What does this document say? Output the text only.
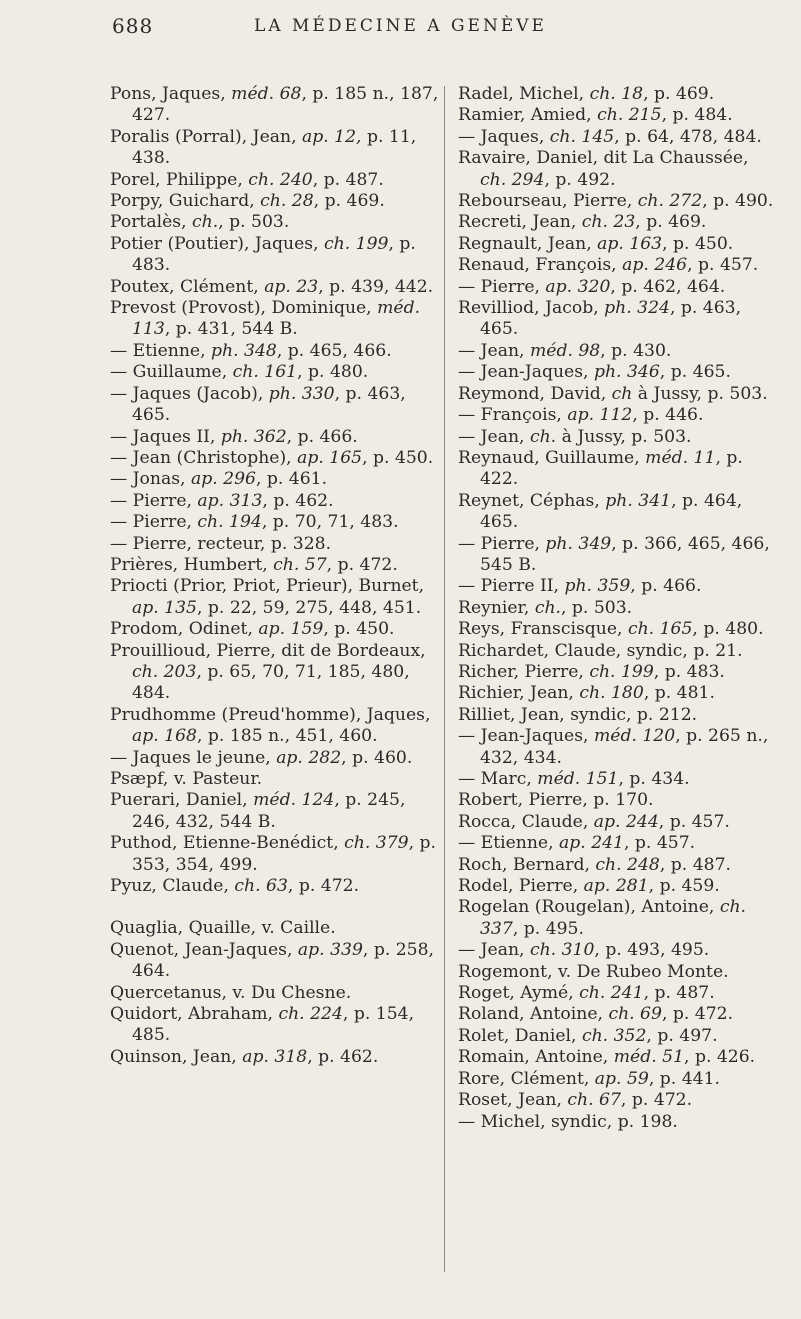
688	LA MÉDECINE A GENÈVE

Pons, Jaques, méd. 68, p. 185 n., 187, 427.

Poralis (Porral), Jean, ap. 12, p. 11, 438.

Porel, Philippe, ch. 240, p. 487.

Porpy, Guichard, ch. 28, p. 469.

Portalès, ch., p. 503.

Potier (Poutier), Jaques, ch. 199, p. 483.

Poutex, Clément, ap. 23, p. 439, 442.

Prevost (Provost), Dominique, méd. 113, p. 431, 544 B.

— Etienne, ph. 348, p. 465, 466.

— Guillaume, ch. 161, p. 480.

— Jaques (Jacob), ph. 330, p. 463, 465.

— Jaques II, ph. 362, p. 466.

— Jean (Christophe), ap. 165, p. 450.

— Jonas, ap. 296, p. 461.

— Pierre, ap. 313, p. 462.

— Pierre, ch. 194, p. 70, 71, 483.

— Pierre, recteur, p. 328.

Prières, Humbert, ch. 57, p. 472.

Priocti (Prior, Priot, Prieur), Burnet, ap. 135, p. 22, 59, 275, 448, 451.

Prodom, Odinet, ap. 159, p. 450.

Prouillioud, Pierre, dit de Bordeaux, ch. 203, p. 65, 70, 71, 185, 480, 484.

Prudhomme (Preud'homme), Jaques, ap. 168, p. 185 n., 451, 460.

— Jaques le jeune, ap. 282, p. 460.

Psæpf, v. Pasteur.

Puerari, Daniel, méd. 124, p. 245, 246, 432, 544 B.

Puthod, Etienne-Benédict, ch. 379, p. 353, 354, 499.

Pyuz, Claude, ch. 63, p. 472.

Quaglia, Quaille, v. Caille.

Quenot, Jean-Jaques, ap. 339, p. 258, 464.

Quercetanus, v. Du Chesne.

Quidort, Abraham, ch. 224, p. 154, 485.

Quinson, Jean, ap. 318, p. 462.

Radel, Michel, ch. 18, p. 469.

Ramier, Amied, ch. 215, p. 484.

— Jaques, ch. 145, p. 64, 478, 484.

Ravaire, Daniel, dit La Chaussée, ch. 294, p. 492.

Rebourseau, Pierre, ch. 272, p. 490.

Recreti, Jean, ch. 23, p. 469.

Regnault, Jean, ap. 163, p. 450.

Renaud, François, ap. 246, p. 457.

— Pierre, ap. 320, p. 462, 464.

Revilliod, Jacob, ph. 324, p. 463, 465.

— Jean, méd. 98, p. 430.

— Jean-Jaques, ph. 346, p. 465.

Reymond, David, ch à Jussy, p. 503.

— François, ap. 112, p. 446.

— Jean, ch. à Jussy, p. 503.

Reynaud, Guillaume, méd. 11, p. 422.

Reynet, Céphas, ph. 341, p. 464, 465.

— Pierre, ph. 349, p. 366, 465, 466, 545 B.

— Pierre II, ph. 359, p. 466.

Reynier, ch., p. 503.

Reys, Franscisque, ch. 165, p. 480.

Richardet, Claude, syndic, p. 21.

Richer, Pierre, ch. 199, p. 483.

Richier, Jean, ch. 180, p. 481.

Rilliet, Jean, syndic, p. 212.

— Jean-Jaques, méd. 120, p. 265 n., 432, 434.

— Marc, méd. 151, p. 434.

Robert, Pierre, p. 170.

Rocca, Claude, ap. 244, p. 457.

— Etienne, ap. 241, p. 457.

Roch, Bernard, ch. 248, p. 487.

Rodel, Pierre, ap. 281, p. 459.

Rogelan (Rougelan), Antoine, ch. 337, p. 495.

— Jean, ch. 310, p. 493, 495.

Rogemont, v. De Rubeo Monte.

Roget, Aymé, ch. 241, p. 487.

Roland, Antoine, ch. 69, p. 472.

Rolet, Daniel, ch. 352, p. 497.

Romain, Antoine, méd. 51, p. 426.

Rore, Clément, ap. 59, p. 441.

Roset, Jean, ch. 67, p. 472.

— Michel, syndic, p. 198.
